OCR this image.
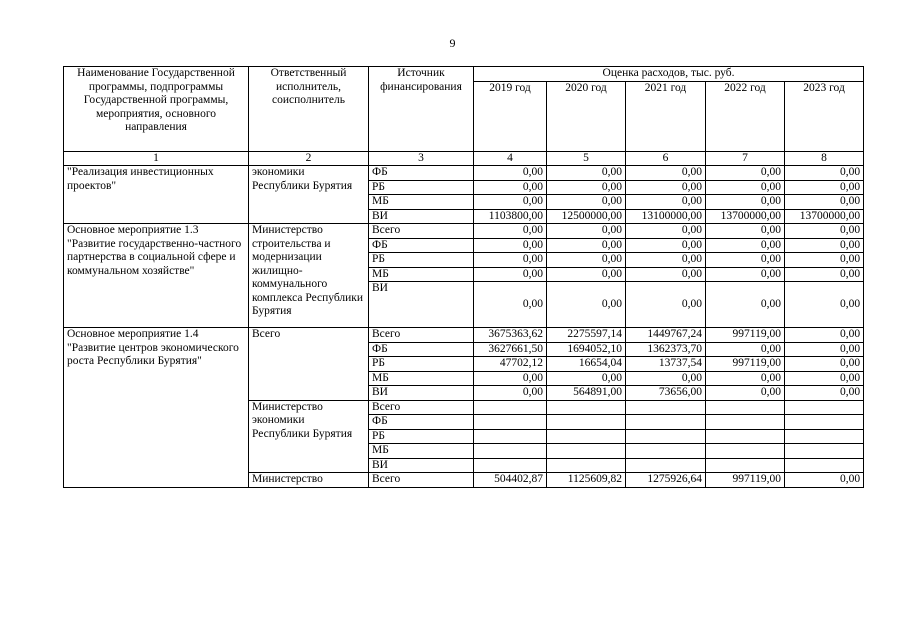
9
Наименование Государственной программы, подпрограммы Государственной программы, мероприятия, основного направления	Ответственный исполнитель, соисполнитель	Источник финансирования	Оценка расходов, тыс. руб.				
			2019 год	2020 год	2021 год	2022 год	2023 год
1	2	3	4	5	6	7	8
"Реализация инвестиционных проектов"	экономики Республики Бурятия	ФБ	0,00	0,00	0,00	0,00	0,00
		РБ	0,00	0,00	0,00	0,00	0,00
		МБ	0,00	0,00	0,00	0,00	0,00
		ВИ	1103800,00	12500000,00	13100000,00	13700000,00	13700000,00
Основное мероприятие 1.3 "Развитие государственно-частного партнерства в социальной сфере и коммунальном хозяйстве"	Министерство строительства и модернизации жилищно-коммунального комплекса Республики Бурятия	Всего	0,00	0,00	0,00	0,00	0,00
		ФБ	0,00	0,00	0,00	0,00	0,00
		РБ	0,00	0,00	0,00	0,00	0,00
		МБ	0,00	0,00	0,00	0,00	0,00
		ВИ	0,00	0,00	0,00	0,00	0,00
Основное мероприятие 1.4 "Развитие центров экономического роста Республики Бурятия"	Всего	Всего	3675363,62	2275597,14	1449767,24	997119,00	0,00
		ФБ	3627661,50	1694052,10	1362373,70	0,00	0,00
		РБ	47702,12	16654,04	13737,54	997119,00	0,00
		МБ	0,00	0,00	0,00	0,00	0,00
		ВИ	0,00	564891,00	73656,00	0,00	0,00
	Министерство экономики Республики Бурятия	Всего					
		ФБ					
		РБ					
		МБ					
		ВИ					
	Министерство	Всего	504402,87	1125609,82	1275926,64	997119,00	0,00
